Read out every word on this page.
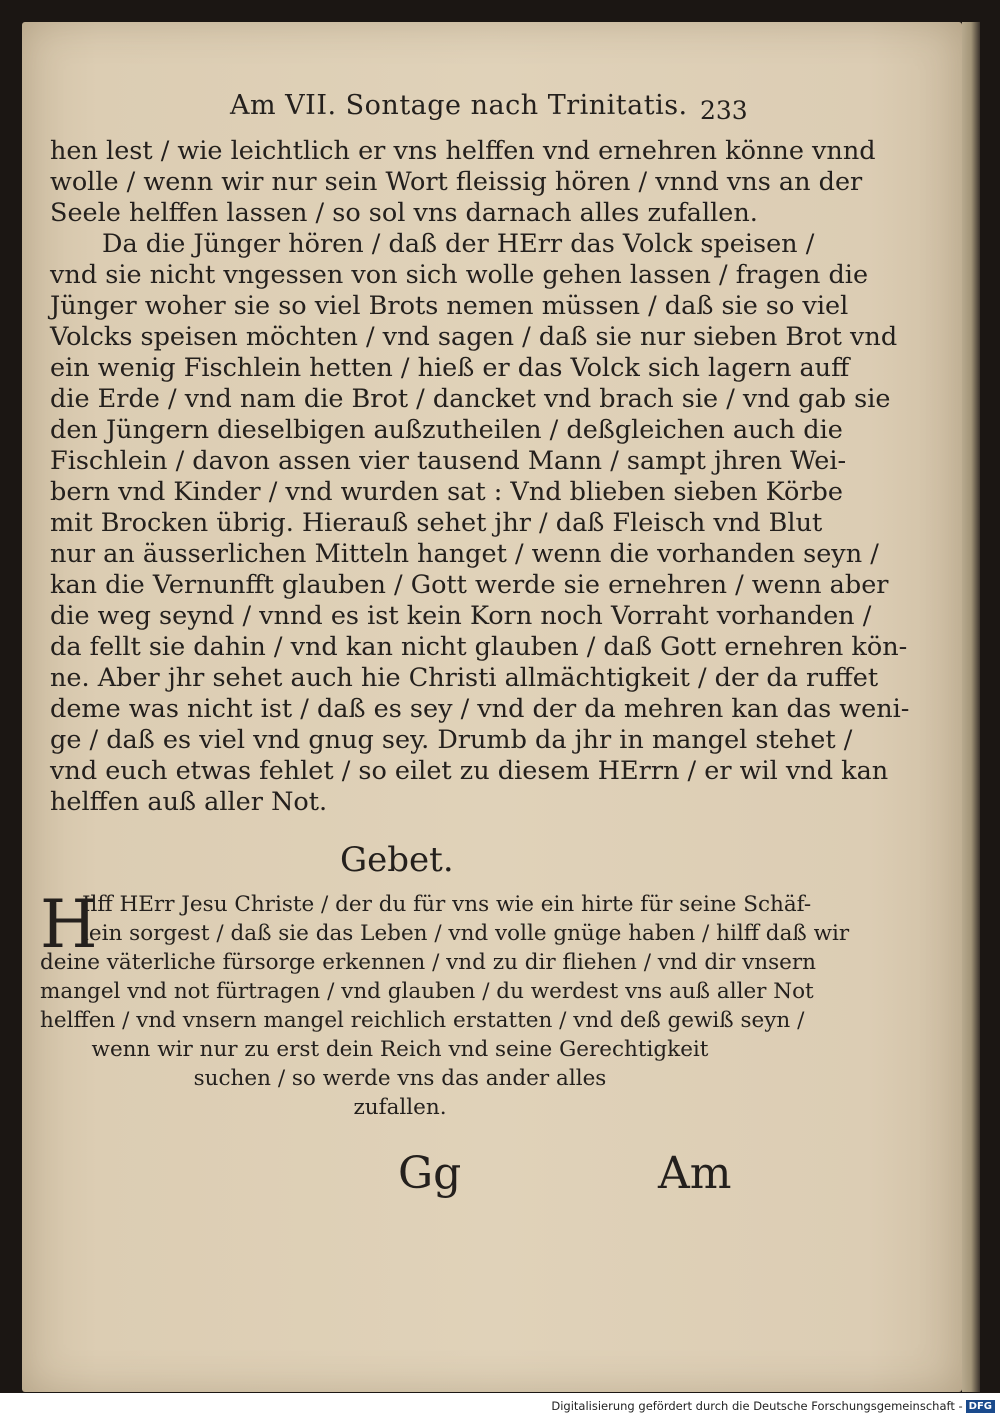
Am VII. Sontage nach Trinitatis. 233
hen lest / wie leichtlich er vns helffen vnd ernehren könne vnnd
wolle / wenn wir nur sein Wort fleissig hören / vnnd vns an der
Seele helffen lassen / so sol vns darnach alles zufallen.
Da die Jünger hören / daß der HErr das Volck speisen /
vnd sie nicht vngessen von sich wolle gehen lassen / fragen die
Jünger woher sie so viel Brots nemen müssen / daß sie so viel
Volcks speisen möchten / vnd sagen / daß sie nur sieben Brot vnd
ein wenig Fischlein hetten / hieß er das Volck sich lagern auff
die Erde / vnd nam die Brot / dancket vnd brach sie / vnd gab sie
den Jüngern dieselbigen außzutheilen / deßgleichen auch die
Fischlein / davon assen vier tausend Mann / sampt jhren Wei-
bern vnd Kinder / vnd wurden sat : Vnd blieben sieben Körbe
mit Brocken übrig. Hierauß sehet jhr / daß Fleisch vnd Blut
nur an äusserlichen Mitteln hanget / wenn die vorhanden seyn /
kan die Vernunfft glauben / Gott werde sie ernehren / wenn aber
die weg seynd / vnnd es ist kein Korn noch Vorraht vorhanden /
da fellt sie dahin / vnd kan nicht glauben / daß Gott ernehren kön-
ne. Aber jhr sehet auch hie Christi allmächtigkeit / der da ruffet
deme was nicht ist / daß es sey / vnd der da mehren kan das weni-
ge / daß es viel vnd gnug sey. Drumb da jhr in mangel stehet /
vnd euch etwas fehlet / so eilet zu diesem HErrn / er wil vnd kan
helffen auß aller Not.
Gebet.
H
Ilff HErr Jesu Christe / der du für vns wie ein hirte für seine Schäf-
lein sorgest / daß sie das Leben / vnd volle gnüge haben / hilff daß wir
deine väterliche fürsorge erkennen / vnd zu dir fliehen / vnd dir vnsern
mangel vnd not fürtragen / vnd glauben / du werdest vns auß aller Not
helffen / vnd vnsern mangel reichlich erstatten / vnd deß gewiß seyn /
wenn wir nur zu erst dein Reich vnd seine Gerechtigkeit
suchen / so werde vns das ander alles
zufallen.
Gg	Am
Digitalisierung gefördert durch die Deutsche Forschungsgemeinschaft - DFG
